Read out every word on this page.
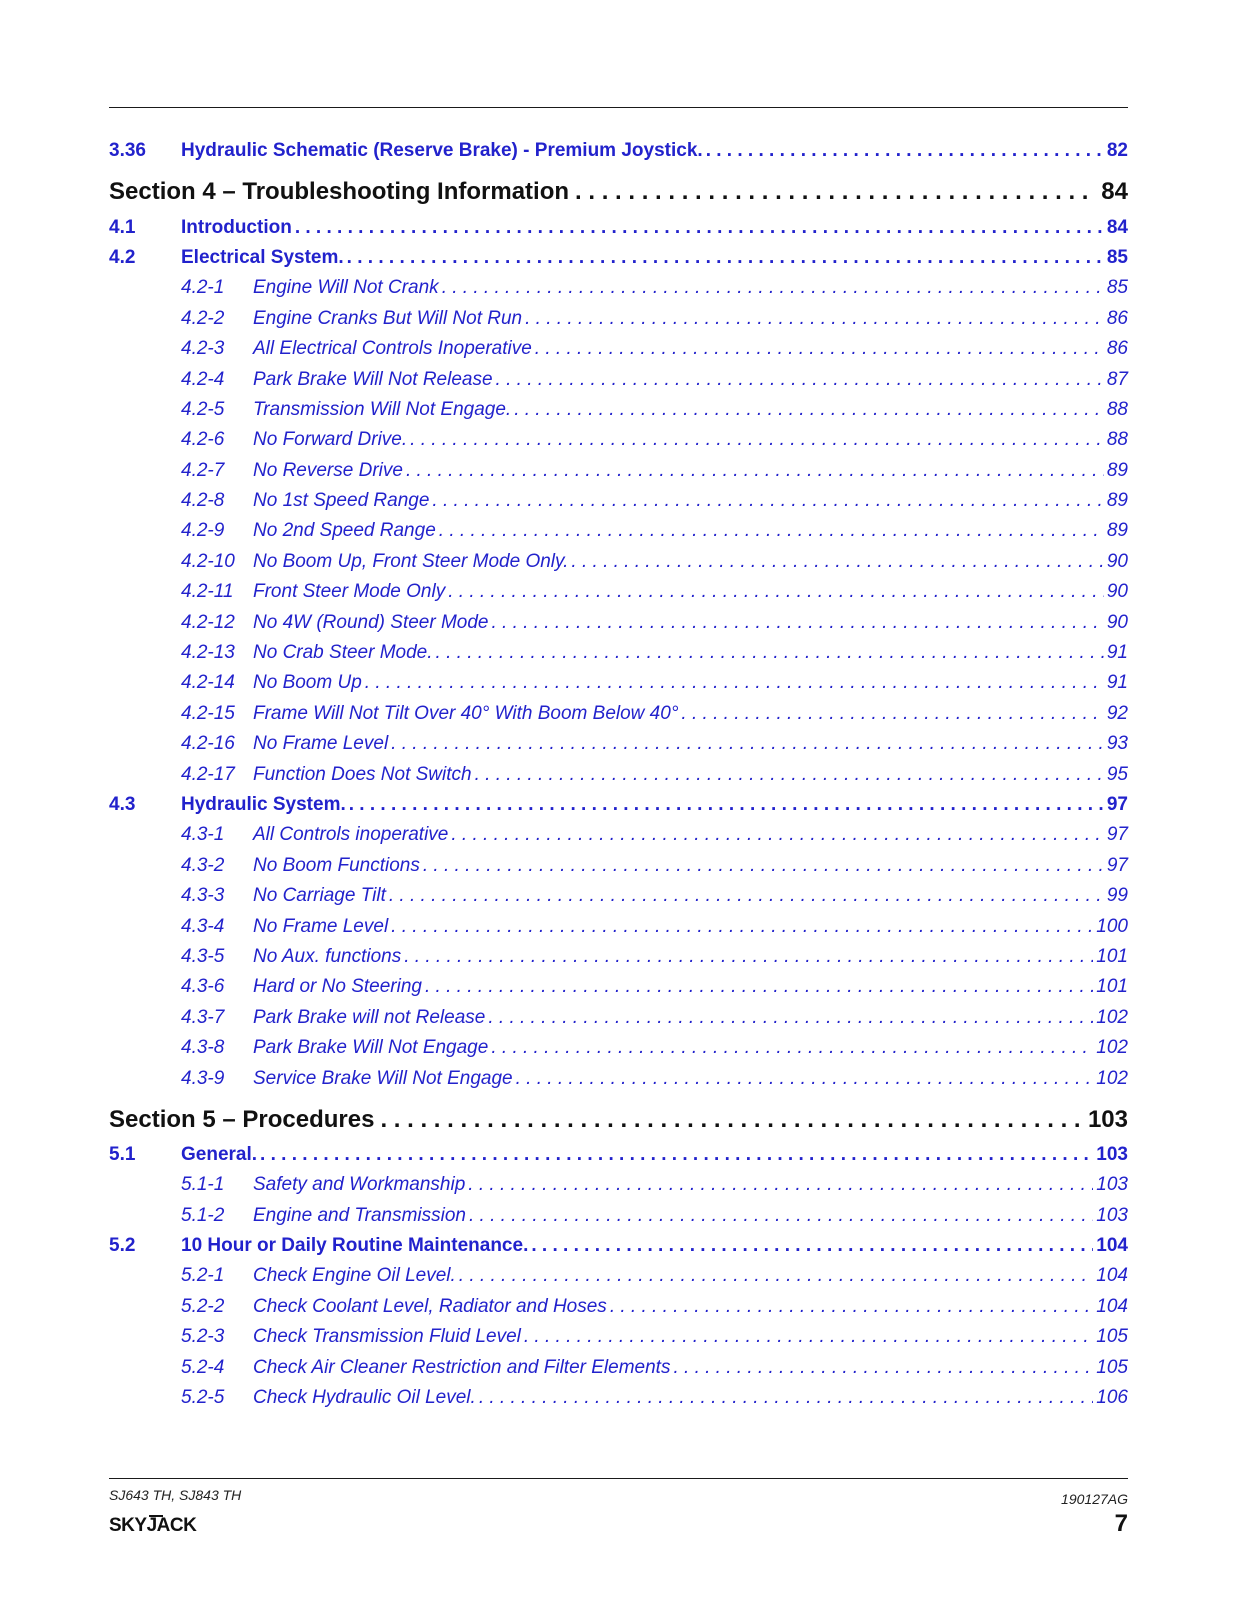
3.36	Hydraulic Schematic (Reserve Brake) - Premium Joystick. . . .	82
Section 4 – Troubleshooting Information . . .	84
4.1	Introduction . . .	84
4.2	Electrical System. . . .	85
4.2-1	Engine Will Not Crank . . .	85
4.2-2	Engine Cranks But Will Not Run . . .	86
4.2-3	All Electrical Controls Inoperative . . .	86
4.2-4	Park Brake Will Not Release . . .	87
4.2-5	Transmission Will Not Engage. . . .	88
4.2-6	No Forward Drive. . . .	88
4.2-7	No Reverse Drive . . .	89
4.2-8	No 1st Speed Range . . .	89
4.2-9	No 2nd Speed Range . . .	89
4.2-10 No Boom Up, Front Steer Mode Only. . . .	90
4.2-11	Front Steer Mode Only . . .	90
4.2-12 No 4W (Round) Steer Mode . . .	90
4.2-13 No Crab Steer Mode. . . .	91
4.2-14 No Boom Up . . .	91
4.2-15 Frame Will Not Tilt Over 40° With Boom Below 40° . . .	92
4.2-16 No Frame Level . . .	93
4.2-17 Function Does Not Switch . . .	95
4.3	Hydraulic System. . . .	97
4.3-1	All Controls inoperative . . .	97
4.3-2	No Boom Functions . . .	97
4.3-3	No Carriage Tilt . . .	99
4.3-4	No Frame Level . . .	100
4.3-5	No Aux. functions . . .	101
4.3-6	Hard or No Steering . . .	101
4.3-7	Park Brake will not Release . . .	102
4.3-8	Park Brake Will Not Engage . . .	102
4.3-9	Service Brake Will Not Engage . . .	102
Section 5 – Procedures . . .	103
5.1	General. . . .	103
5.1-1	Safety and Workmanship . . .	103
5.1-2	Engine and Transmission . . .	103
5.2	10 Hour or Daily Routine Maintenance. . . .	104
5.2-1	Check Engine Oil Level. . . .	104
5.2-2	Check Coolant Level, Radiator and Hoses . . .	104
5.2-3	Check Transmission Fluid Level . . .	105
5.2-4	Check Air Cleaner Restriction and Filter Elements . . .	105
5.2-5	Check Hydraulic Oil Level. . . .	106
SJ643 TH, SJ843 TH	190127AG
SKYJACK	7
